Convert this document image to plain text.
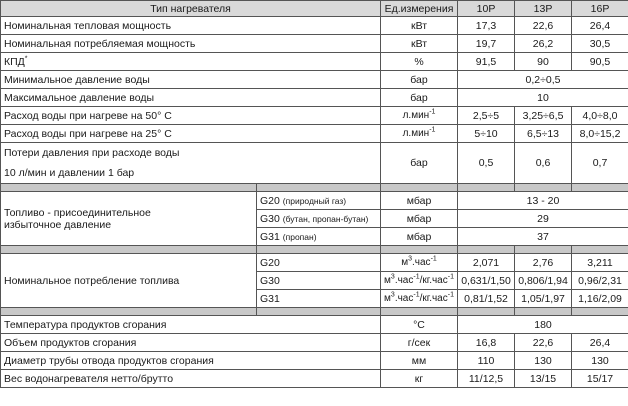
Тип нагревателя		Ед.измерения	10P	13P	16P
Номинальная тепловая мощность		кВт	17,3	22,6	26,4
Номинальная потребляемая мощность		кВт	19,7	26,2	30,5
КПД*		%	91,5	90	90,5
Минимальное давление воды		бар	0,2÷0,5		
Максимальное давление воды		бар	10		
Расход воды при нагреве на 50° C		л.мин$^{-1}$	2,5÷5	3,25÷6,5	4,0÷8,0
Расход воды при нагреве на 25° C		л.мин$^{-1}$	5÷10	6,5÷13	8,0÷15,2

Потери давления при расходе воды
10 л/мин и давлении 1 бар		бар	0,5	0,6	0,7

Топливо - присоединительное
избыточное давление	G20 (природный газ)	мбар	13 - 20		
	G30 (бутан, пропан-бутан)	мбар	29		
	G31 (пропан)	мбар	37		

Номинальное потребление топлива	G20	$м^3.час^{-1}$	2,071	2,76	3,211
	G30	$м^3.час^{-1}/кг.час^{-1}$	0,631/1,50	0,806/1,94	0,96/2,31
	G31	$м^3.час^{-1}/кг.час^{-1}$	0,81/1,52	1,05/1,97	1,16/2,09

Температура продуктов сгорания		°C	180		
Объем продуктов сгорания		г/сек	16,8	22,6	26,4
Диаметр трубы отвода продуктов сгорания		мм	110	130	130
Вес водонагревателя нетто/брутто		кг	11/12,5	13/15	15/17
